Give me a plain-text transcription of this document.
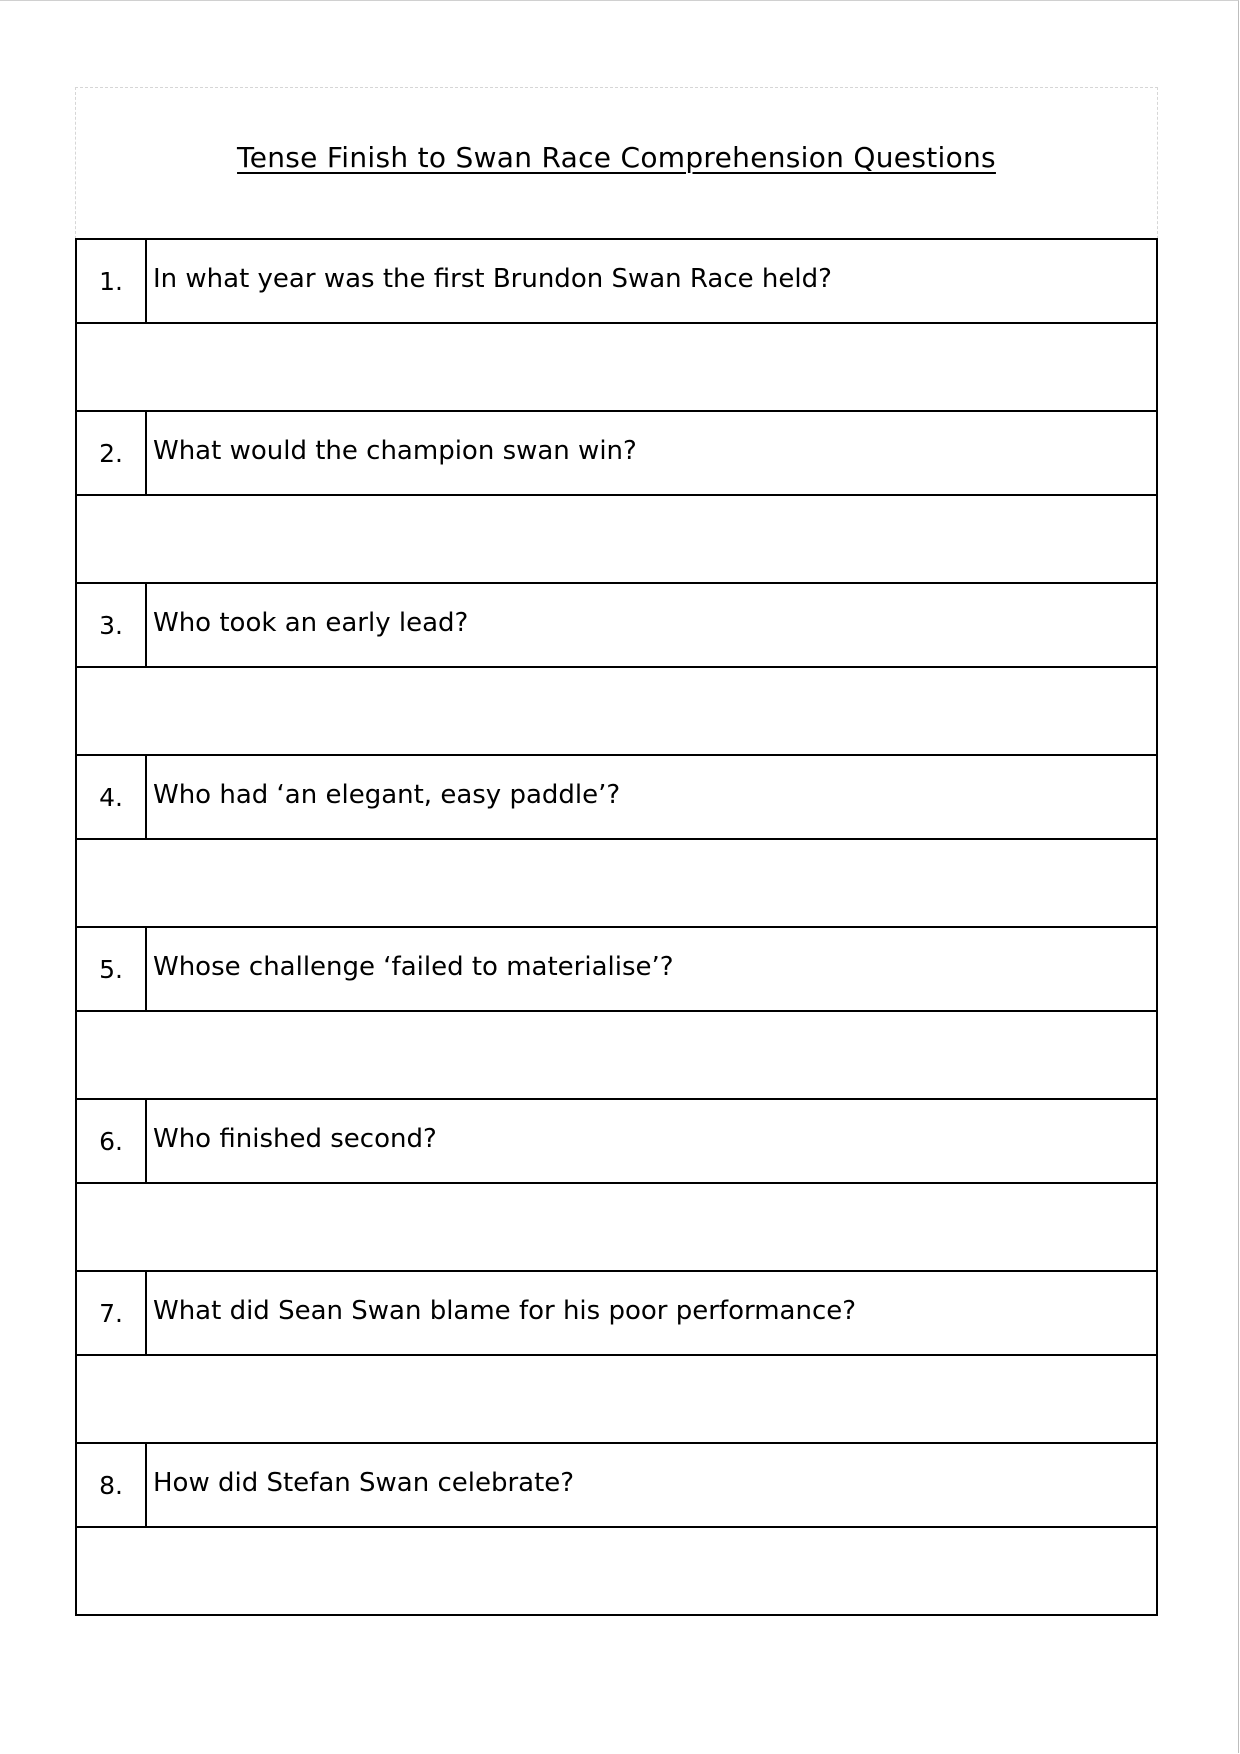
Tense Finish to Swan Race Comprehension Questions
1.	In what year was the first Brundon Swan Race held?

2.	What would the champion swan win?

3.	Who took an early lead?

4.	Who had ‘an elegant, easy paddle’?

5.	Whose challenge ‘failed to materialise’?

6.	Who finished second?

7.	What did Sean Swan blame for his poor performance?

8.	How did Stefan Swan celebrate?
